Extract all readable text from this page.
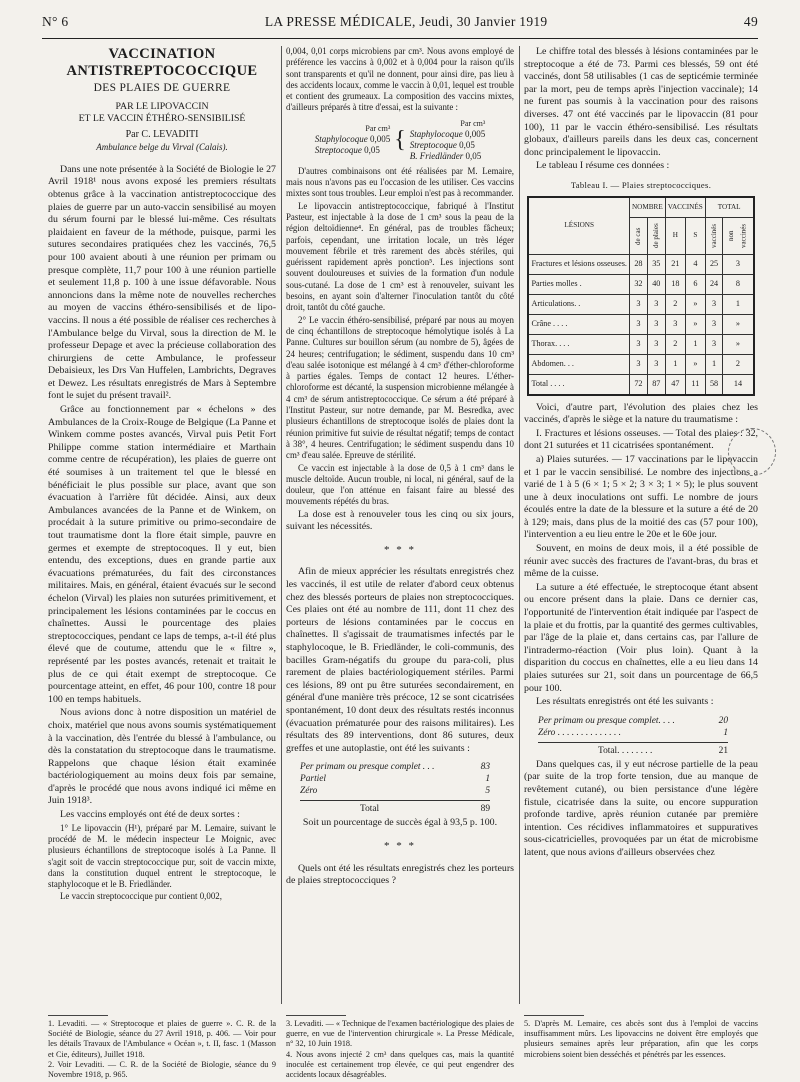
N° 6	LA PRESSE MÉDICALE, Jeudi, 30 Janvier 1919	49
VACCINATION ANTISTREPTOCOCCIQUE
DES PLAIES DE GUERRE
PAR LE LIPOVACCIN
ET LE VACCIN ÉTHÉRO-SENSIBILISÉ
Par C. LEVADITI
Ambulance belge du Virval (Calais).

Dans une note présentée à la Société de Biologie le 27 Avril 1918¹ nous avons exposé les premiers résultats obtenus grâce à la vaccination antistreptococcique des plaies de guerre par un auto-vaccin sensibilisé au moyen du sérum fourni par le blessé lui-même. Ces résultats plaidaient en faveur de la méthode, puisque, parmi les sutures secondaires pratiquées chez les vaccinés, 76,5 pour 100 avaient abouti à une réunion per primam ou presque complète, 11,7 pour 100 à une réunion partielle et seulement 11,8 p. 100 à une issue défavorable. Nous annoncions dans la même note de nouvelles recherches au moyen de vaccins éthéro-sensibilisés et de lipo-vaccins. Il nous a été possible de réaliser ces recherches à l'Ambulance belge du Virval, sous la direction de M. le professeur Depage et avec la précieuse collaboration des chirurgiens de cette Ambulance, le professeur Debaisieux, les Drs Van Huffelen, Lambrichts, Degraves et Dewez. Les résultats enregistrés de Mars à Septembre font le sujet du présent travail².

Grâce au fonctionnement par « échelons » des Ambulances de la Croix-Rouge de Belgique (La Panne et Winkem comme postes avancés, Virval puis Petit Fort Philippe comme station intermédiaire et Marthain comme centre de récupération), les plaies de guerre ont été soumises à un traitement tel que le blessé en bénéficiait le plus possible sur place, avant que son évacuation à l'arrière fût décidée. Ainsi, aux deux Ambulances avancées de la Panne et de Winkem, on procédait à la suture primitive ou primo-secondaire de tout traumatisme dont la flore était simple, pauvre en germes et exempte de streptocoques. Il y eut, bien entendu, des exceptions, dues en grande partie aux évacuations prématurées, du fait des circonstances militaires. Mais, en général, étaient évacués sur le second échelon (Virval) les plaies non suturées primitivement, et principalement les lésions contaminées par le coccus en chaînettes. Aussi le pourcentage des plaies streptococciques, pendant ce laps de temps, a-t-il été plus élevé que de coutume, attendu que le « filtre », représenté par les postes avancés, retenait et traitait le plus de ce qui était exempt de streptocoque. Ce pourcentage atteint, en effet, 46 pour 100, contre 18 pour 100 en temps habituels.

Nous avions donc à notre disposition un matériel de choix, matériel que nous avons soumis systématiquement à la vaccination, dès l'entrée du blessé à l'ambulance, ou dès la constatation du streptocoque dans le traumatisme. Rappelons que chaque lésion était examinée bactériologiquement au moins deux fois par semaine, d'après le procédé que nous avons indiqué ici même en Juin 1918³.

Les vaccins employés ont été de deux sortes :

1° Le lipovaccin (H¹), préparé par M. Lemaire, suivant le procédé de M. le médecin inspecteur Le Moignic, avec plusieurs échantillons de streptocoque isolés à La Panne. Il s'agit soit de vaccin streptococcique pur, soit de vaccin mixte, dans la constitution duquel entrent le streptocoque, le staphylocoque et le B. Friedländer.

Le vaccin streptococcique pur contient 0,002,

0,004, 0,01 corps microbiens par cm³. Nous avons employé de préférence les vaccins à 0,002 et à 0,004 pour la raison qu'ils sont transparents et qu'il ne donnent, pour ainsi dire, pas lieu à des accidents locaux, comme le vaccin à 0,01, lequel est trouble et contient des grumeaux. La composition des vaccins mixtes, d'ailleurs préparés à titre d'essai, est la suivante :

Par cm³
Staphylocoque 0,005
Streptocoque 0,05 {
Par cm³
Staphylocoque 0,005
Streptocoque 0,05
B. Friedländer 0,05

D'autres combinaisons ont été réalisées par M. Lemaire, mais nous n'avons pas eu l'occasion de les utiliser. Ces vaccins mixtes sont tous troubles. Leur emploi n'est pas à recommander.

Le lipovaccin antistreptococcique, fabriqué à l'Institut Pasteur, est injectable à la dose de 1 cm³ sous la peau de la région deltoïdienne⁴. En général, pas de troubles fâcheux; parfois, cependant, une irritation locale, un très léger mouvement fébrile et très rarement des abcès stériles, qui guérissent rapidement après ponction⁵. Les injections sont souvent douloureuses et suivies de la formation d'un nodule sous-cutané. La dose de 1 cm³ est à renouveler, suivant les besoins, en ayant soin d'alterner l'inoculation tantôt du côté droit, tantôt du côté gauche.

2° Le vaccin éthéro-sensibilisé, préparé par nous au moyen de cinq échantillons de streptocoque hémolytique isolés à La Panne. Cultures sur bouillon sérum (au nombre de 5), âgées de 24 heures; centrifugation; le sédiment, suspendu dans 10 cm³ d'eau salée isotonique est mélangé à 4 cm³ d'éther-chloroforme à parties égales. Temps de contact 12 heures. L'éther-chloroforme est décanté, la suspension microbienne mélangée à 4 cm³ de sérum antistreptococcique. Ce sérum a été préparé à l'Institut Pasteur, sur notre demande, par M. Besredka, avec plusieurs échantillons de streptocoque isolés de plaies dont la réunion primitive fut suivie de résultat négatif; temps de contact à 38°, 4 heures. Centrifugation; le sédiment suspendu dans 10 cm³ d'eau salée. Epreuve de stérilité.

Ce vaccin est injectable à la dose de 0,5 à 1 cm³ dans le muscle deltoïde. Aucun trouble, ni local, ni général, sauf de la douleur, que l'on atténue en faisant faire au blessé des mouvements répétés du bras.

La dose est à renouveler tous les cinq ou six jours, suivant les nécessités.

* * *

Afin de mieux apprécier les résultats enregistrés chez les vaccinés, il est utile de relater d'abord ceux obtenus chez des blessés porteurs de plaies non streptococciques. Ces plaies ont été au nombre de 111, dont 11 chez des porteurs de lésions contaminées par le coccus en chaînettes. Il s'agissait de traumatismes infectés par le staphylocoque, le B. Friedländer, le coli-communis, des bacilles Gram-négatifs du groupe du para-coli, plus rarement de plaies bactériologiquement stériles. Parmi ces lésions, 89 ont pu être suturées secondairement, en général d'une manière très précoce, 12 se sont cicatrisées spontanément, 10 dont deux des résultats restés inconnus (évacuation prématurée pour des raisons militaires). Les résultats des 89 interventions, dont 86 sutures, deux greffes et une autoplastie, ont été les suivants :

Per primam ou presque complet . . .	83
Partiel	1
Zéro	5
Total	89

Soit un pourcentage de succès égal à 93,5 p. 100.

* * *

Quels ont été les résultats enregistrés chez les porteurs de plaies streptococciques ?

Le chiffre total des blessés à lésions contaminées par le streptocoque a été de 73. Parmi ces blessés, 59 ont été vaccinés, dont 58 utilisables (1 cas de septicémie terminée par la mort, peu de temps après l'injection vaccinale); 14 ne furent pas soumis à la vaccination pour des raisons diverses. 47 ont été vaccinés par le lipovaccin (81 pour 100), 11 par le vaccin éthéro-sensibilisé. Les résultats globaux, d'ailleurs pareils dans les deux cas, concernent donc principalement le lipovaccin.

Le tableau I résume ces données :

Tableau I. — Plaies streptococciques.
LÉSIONS	NOMBRE		VACCINÉS		TOTAL	

	de cas	de plaies	H	S	vaccinés	non vaccinés

Fractures et lésions osseuses.	28	35	21	4	25	3
Parties molles .	32	40	18	6	24	8
Articulations. .	3	3	2	»	3	1
Crâne . . . .	3	3	3	»	3	»
Thorax. . . .	3	3	2	1	3	»
Abdomen. . .	3	3	1	»	1	2
Total . . . .	72	87	47	11	58	14

Voici, d'autre part, l'évolution des plaies chez les vaccinés, d'après le siège et la nature du traumatisme :

I. Fractures et lésions osseuses. — Total des plaies : 32, dont 21 suturées et 11 cicatrisées spontanément.

a) Plaies suturées. — 17 vaccinations par le lipovaccin et 1 par le vaccin sensibilisé. Le nombre des injections a varié de 1 à 5 (6 × 1; 5 × 2; 3 × 3; 1 × 5); le plus souvent une à deux inoculations ont suffi. Le nombre de jours écoulés entre la date de la blessure et la suture a été de 20 à 129; mais, dans plus de la moitié des cas (57 pour 100), l'intervention a eu lieu entre le 20e et le 60e jour.

Souvent, en moins de deux mois, il a été possible de réunir avec succès des fractures de l'avant-bras, du bras et même de la cuisse.

La suture a été effectuée, le streptocoque étant absent ou encore présent dans la plaie. Dans ce dernier cas, l'opportunité de l'intervention était indiquée par l'aspect de la plaie et du frottis, par la quantité des germes cultivables, par l'âge de la plaie et, dans certains cas, par l'allure de l'intradermo-réaction (Voir plus loin). Quant à la disparition du coccus en chaînettes, elle a eu lieu dans 14 plaies suturées sur 21, soit dans un pourcentage de 66,5 pour 100.

Les résultats enregistrés ont été les suivants :

Per primam ou presque complet. . . .	20
Zéro . . . . . . . . . . . . . .	1
Total. . . . . . . .	21

Dans quelques cas, il y eut nécrose partielle de la peau (par suite de la trop forte tension, due au manque de revêtement cutané), ou bien persistance d'une légère fistule, cicatrisée dans la suite, ou encore suppuration profonde tardive, après réunion cutanée par première intention. Ces récidives inflammatoires et suppuratives sous-cicatricielles, provoquées par un état de microbisme latent, que nous avions d'ailleurs observées chez

1. Levaditi. — « Streptocoque et plaies de guerre ». C. R. de la Société de Biologie, séance du 27 Avril 1918, p. 406. — Voir pour les détails Travaux de l'Ambulance « Océan », t. II, fasc. 1 (Masson et Cie, éditeurs), Juillet 1918.
2. Voir Levaditi. — C. R. de la Société de Biologie, séance du 9 Novembre 1918, p. 965.
3. Levaditi. — « Technique de l'examen bactériologique des plaies de guerre, en vue de l'intervention chirurgicale ». La Presse Médicale, n° 32, 10 Juin 1918.
4. Nous avons injecté 2 cm³ dans quelques cas, mais la quantité inoculée est certainement trop élevée, ce qui peut engendrer des accidents locaux désagréables.
5. D'après M. Lemaire, ces abcès sont dus à l'emploi de vaccins insuffisamment mûrs. Les lipovaccins ne doivent être employés que plusieurs semaines après leur préparation, afin que les corps microbiens soient bien desséchés et pénétrés par les essences.
